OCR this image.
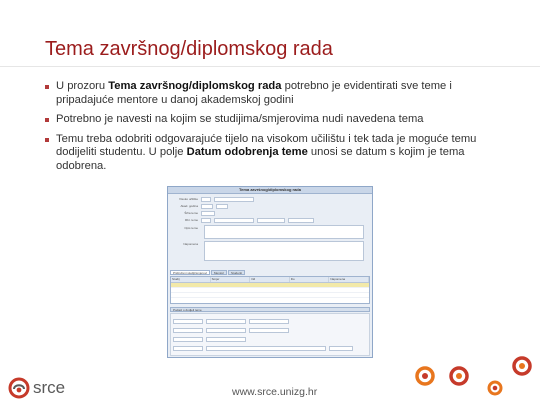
Tema završnog/diplomskog rada
U prozoru Tema završnog/diplomskog rada potrebno je evidentirati sve teme i pripadajuće mentore u danoj akademskoj godini
Potrebno je navesti na kojim se studijima/smjerovima nudi navedena tema
Temu treba odobriti odgovarajuće tijelo na visokom učilištu i tek tada je moguće temu dodijeliti studentu. U polje Datum odobrenja teme unosi se datum s kojim je tema odobrena.
Tema završnog/diplomskog rada
Visoko učilište
Akad. godina
Šifra teme
Rbr. teme
Opis teme
Napomena
Pridruženi studiji/smjerovi	Mentori	Studenti
Studij	Smjer	Od	Do	Napomena
Podaci o dodjeli teme
srce	www.srce.unizg.hr
